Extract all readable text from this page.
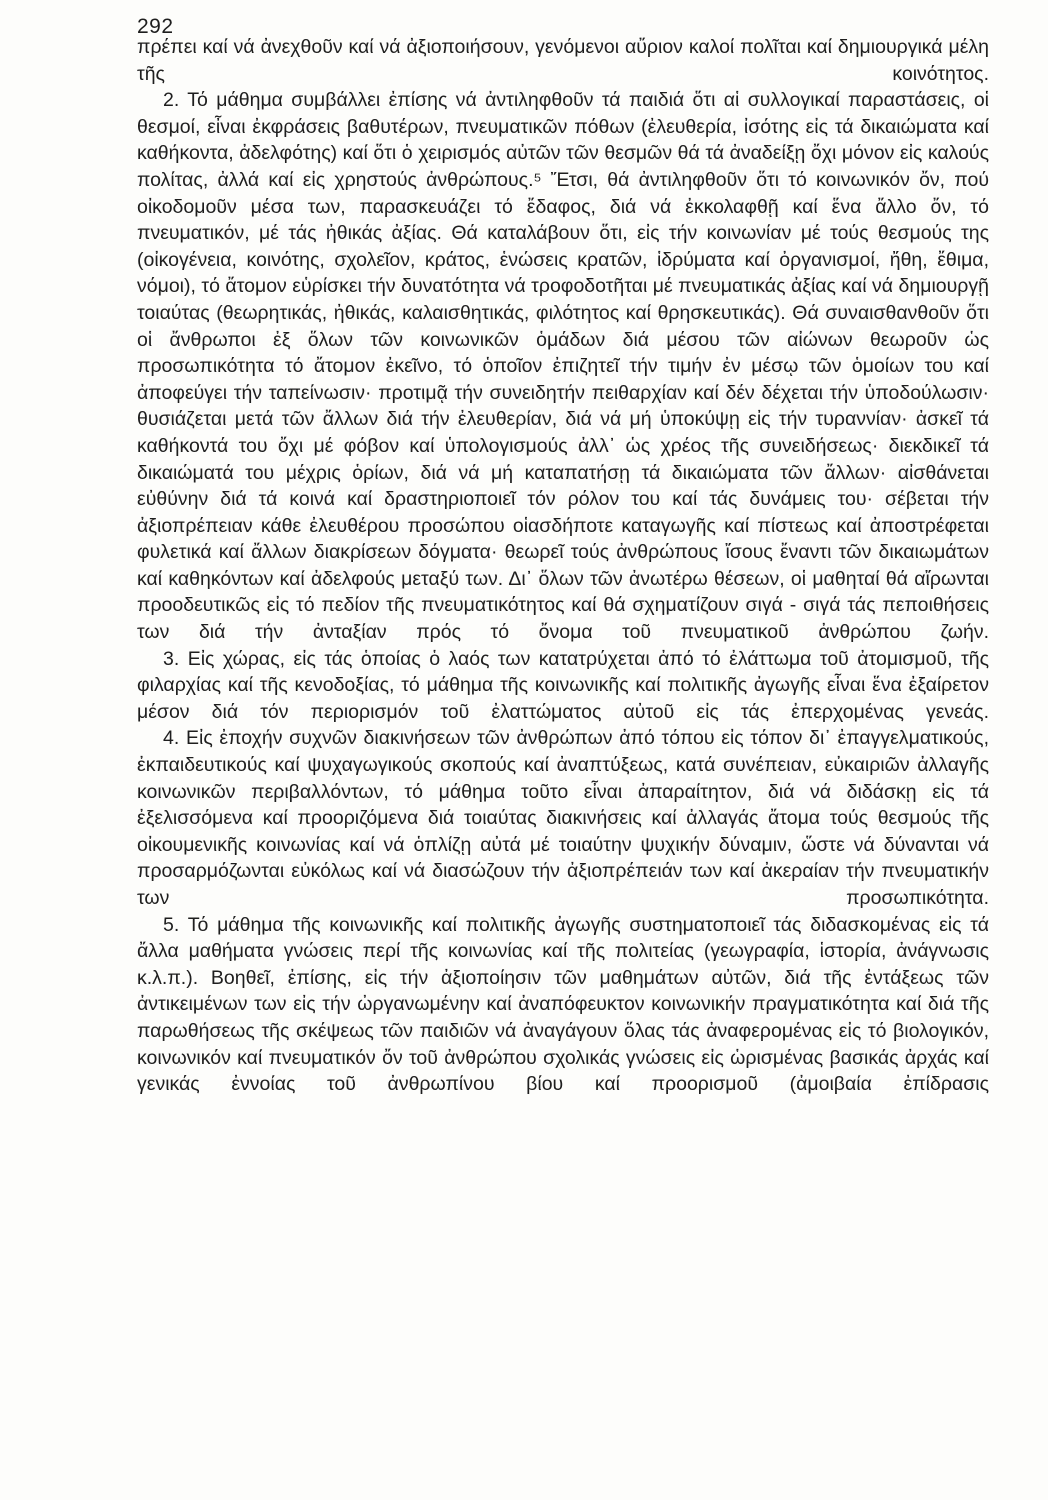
292

πρέπει καί νά ἀνεχθοῦν καί νά ἀξιοποιήσουν, γενόμενοι αὔριον καλοί πολῖται καί δημιουργικά μέλη τῆς κοινότητος.

2. Τό μάθημα συμβάλλει ἐπίσης νά ἀντιληφθοῦν τά παιδιά ὅτι αἱ συλλογικαί παραστάσεις, οἱ θεσμοί, εἶναι ἐκφράσεις βαθυτέρων, πνευματικῶν πόθων (ἐλευθερία, ἰσότης εἰς τά δικαιώματα καί καθήκοντα, ἀδελφότης) καί ὅτι ὁ χειρισμός αὐτῶν τῶν θεσμῶν θά τά ἀναδείξῃ ὄχι μόνον εἰς καλούς πολίτας, ἀλλά καί εἰς χρηστούς ἀνθρώπους.⁵ Ἔτσι, θά ἀντιληφθοῦν ὅτι τό κοινωνικόν ὄν, πού οἰκοδομοῦν μέσα των, παρασκευάζει τό ἔδαφος, διά νά ἐκκολαφθῇ καί ἕνα ἄλλο ὄν, τό πνευματικόν, μέ τάς ἠθικάς ἀξίας. Θά καταλάβουν ὅτι, εἰς τήν κοινωνίαν μέ τούς θεσμούς της (οἰκογένεια, κοινότης, σχολεῖον, κράτος, ἑνώσεις κρατῶν, ἱδρύματα καί ὀργανισμοί, ἤθη, ἔθιμα, νόμοι), τό ἄτομον εὑρίσκει τήν δυνατότητα νά τροφοδοτῆται μέ πνευματικάς ἀξίας καί νά δημιουργῇ τοιαύτας (θεωρητικάς, ἠθικάς, καλαισθητικάς, φιλότητος καί θρησκευτικάς). Θά συναισθανθοῦν ὅτι οἱ ἄνθρωποι ἐξ ὅλων τῶν κοινωνικῶν ὁμάδων διά μέσου τῶν αἰώνων θεωροῦν ὡς προσωπικότητα τό ἄτομον ἐκεῖνο, τό ὁποῖον ἐπιζητεῖ τήν τιμήν ἐν μέσῳ τῶν ὁμοίων του καί ἀποφεύγει τήν ταπείνωσιν· προτιμᾷ τήν συνειδητήν πειθαρχίαν καί δέν δέχεται τήν ὑποδούλωσιν· θυσιάζεται μετά τῶν ἄλλων διά τήν ἐλευθερίαν, διά νά μή ὑποκύψῃ εἰς τήν τυραννίαν· ἀσκεῖ τά καθήκοντά του ὄχι μέ φόβον καί ὑπολογισμούς ἀλλ᾽ ὡς χρέος τῆς συνειδήσεως· διεκδικεῖ τά δικαιώματά του μέχρις ὁρίων, διά νά μή καταπατήσῃ τά δικαιώματα τῶν ἄλλων· αἰσθάνεται εὐθύνην διά τά κοινά καί δραστηριοποιεῖ τόν ρόλον του καί τάς δυνάμεις του· σέβεται τήν ἀξιοπρέπειαν κάθε ἐλευθέρου προσώπου οἱασδήποτε καταγωγῆς καί πίστεως καί ἀποστρέφεται φυλετικά καί ἄλλων διακρίσεων δόγματα· θεωρεῖ τούς ἀνθρώπους ἴσους ἔναντι τῶν δικαιωμάτων καί καθηκόντων καί ἀδελφούς μεταξύ των. Δι᾽ ὅλων τῶν ἀνωτέρω θέσεων, οἱ μαθηταί θά αἴρωνται προοδευτικῶς εἰς τό πεδίον τῆς πνευματικότητος καί θά σχηματίζουν σιγά - σιγά τάς πεποιθήσεις των διά τήν ἀνταξίαν πρός τό ὄνομα τοῦ πνευματικοῦ ἀνθρώπου ζωήν.

3. Εἰς χώρας, εἰς τάς ὁποίας ὁ λαός των κατατρύχεται ἀπό τό ἐλάττωμα τοῦ ἀτομισμοῦ, τῆς φιλαρχίας καί τῆς κενοδοξίας, τό μάθημα τῆς κοινωνικῆς καί πολιτικῆς ἀγωγῆς εἶναι ἕνα ἐξαίρετον μέσον διά τόν περιορισμόν τοῦ ἐλαττώματος αὐτοῦ εἰς τάς ἐπερχομένας γενεάς.

4. Εἰς ἐποχήν συχνῶν διακινήσεων τῶν ἀνθρώπων ἀπό τόπου εἰς τόπον δι᾽ ἐπαγγελματικούς, ἐκπαιδευτικούς καί ψυχαγωγικούς σκοπούς καί ἀναπτύξεως, κατά συνέπειαν, εὐκαιριῶν ἀλλαγῆς κοινωνικῶν περιβαλλόντων, τό μάθημα τοῦτο εἶναι ἀπαραίτητον, διά νά διδάσκῃ εἰς τά ἐξελισσόμενα καί προοριζόμενα διά τοιαύτας διακινήσεις καί ἀλλαγάς ἄτομα τούς θεσμούς τῆς οἰκουμενικῆς κοινωνίας καί νά ὁπλίζῃ αὐτά μέ τοιαύτην ψυχικήν δύναμιν, ὥστε νά δύνανται νά προσαρμόζωνται εὐκόλως καί νά διασώζουν τήν ἀξιοπρέπειάν των καί ἀκεραίαν τήν πνευματικήν των προσωπικότητα.

5. Τό μάθημα τῆς κοινωνικῆς καί πολιτικῆς ἀγωγῆς συστηματοποιεῖ τάς διδασκομένας εἰς τά ἄλλα μαθήματα γνώσεις περί τῆς κοινωνίας καί τῆς πολιτείας (γεωγραφία, ἱστορία, ἀνάγνωσις κ.λ.π.). Βοηθεῖ, ἐπίσης, εἰς τήν ἀξιοποίησιν τῶν μαθημάτων αὐτῶν, διά τῆς ἐντάξεως τῶν ἀντικειμένων των εἰς τήν ὠργανωμένην καί ἀναπόφευκτον κοινωνικήν πραγματικότητα καί διά τῆς παρωθήσεως τῆς σκέψεως τῶν παιδιῶν νά ἀναγάγουν ὅλας τάς ἀναφερομένας εἰς τό βιολογικόν, κοινωνικόν καί πνευματικόν ὄν τοῦ ἀνθρώπου σχολικάς γνώσεις εἰς ὡρισμένας βασικάς ἀρχάς καί γενικάς ἐννοίας τοῦ ἀνθρωπίνου βίου καί προορισμοῦ (ἀμοιβαία ἐπίδρασις
